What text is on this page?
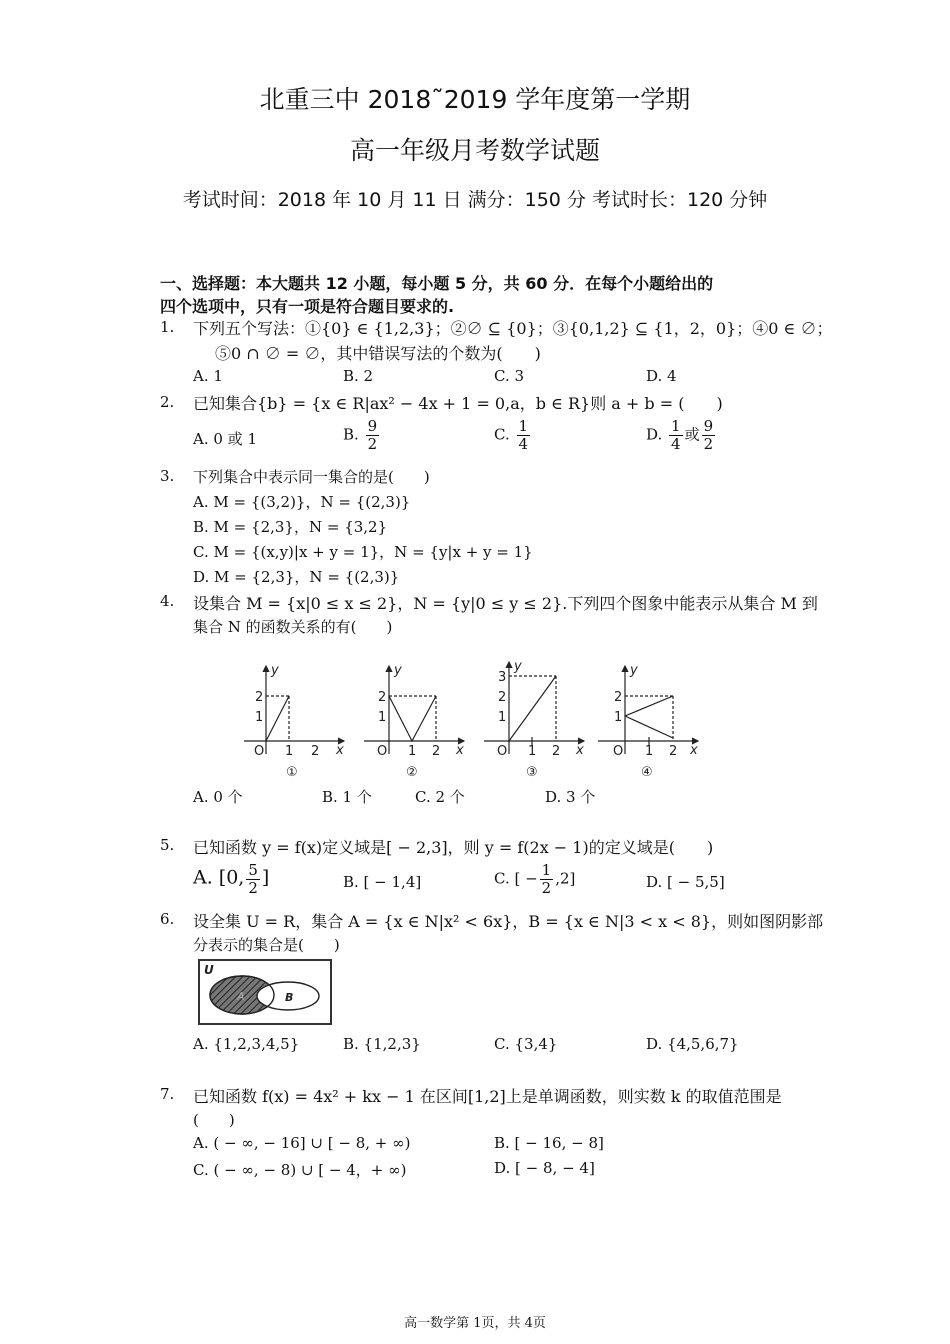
北重三中 2018˜2019 学年度第一学期
高一年级月考数学试题
考试时间：2018 年 10 月 11 日 满分：150 分 考试时长：120 分钟
一、选择题：本大题共 12 小题，每小题 5 分，共 60 分．在每个小题给出的
四个选项中，只有一项是符合题目要求的.
1. 下列五个写法：①{0} ∈ {1,2,3}；②∅ ⊆ {0}；③{0,1,2} ⊆ {1，2，0}；④0 ∈ ∅；
⑤0 ∩ ∅ = ∅，其中错误写法的个数为(　　)
A. 1	B. 2	C. 3	D. 4
2. 已知集合{b} = {x ∈ R|ax² − 4x + 1 = 0,a，b ∈ R}则 a + b = (　　)
A. 0 或 1	B. $\frac{9}{2}$	C. $\frac{1}{4}$	D. $\frac{1}{4}$ 或 $\frac{9}{2}$
3. 下列集合中表示同一集合的是(　　)
A. M = {(3,2)}，N = {(2,3)}
B. M = {2,3}，N = {3,2}
C. M = {(x,y)|x + y = 1}，N = {y|x + y = 1}
D. M = {2,3}，N = {(2,3)}
4. 设集合 M = {x|0 ≤ x ≤ 2}，N = {y|0 ≤ y ≤ 2}.下列四个图象中能表示从集合 M 到
集合 N 的函数关系的有(　　)
O
y
x
2
1
1 2
①
O
y
x
2
1
1 2
②
O
y
x
3
2
1
1 2
③
O
y
x
2
1
1 2
④
A. 0 个	B. 1 个	C. 2 个	D. 3 个
5. 已知函数 y = f(x)定义域是[ − 2,3]，则 y = f(2x − 1)的定义域是(　　)
A. [0, $\frac{5}{2}$ ]	B. [ − 1,4]	C. [ − $\frac{1}{2} ,2$]	D. [ − 5,5]
6. 设全集 U = R，集合 A = {x ∈ N|x² < 6x}，B = {x ∈ N|3 < x < 8}，则如图阴影部
分表示的集合是(　　)
U
A	B
A. {1,2,3,4,5}	B. {1,2,3}	C. {3,4}	D. {4,5,6,7}
7. 已知函数 f(x) = 4x² + kx − 1 在区间[1,2]上是单调函数，则实数 k 的取值范围是
(　　)
A. ( − ∞, − 16] ∪ [ − 8, + ∞)	B. [ − 16, − 8]
C. ( − ∞, − 8) ∪ [ − 4，+ ∞)	D. [ − 8, − 4]
高一数学第 1页，共 4页
